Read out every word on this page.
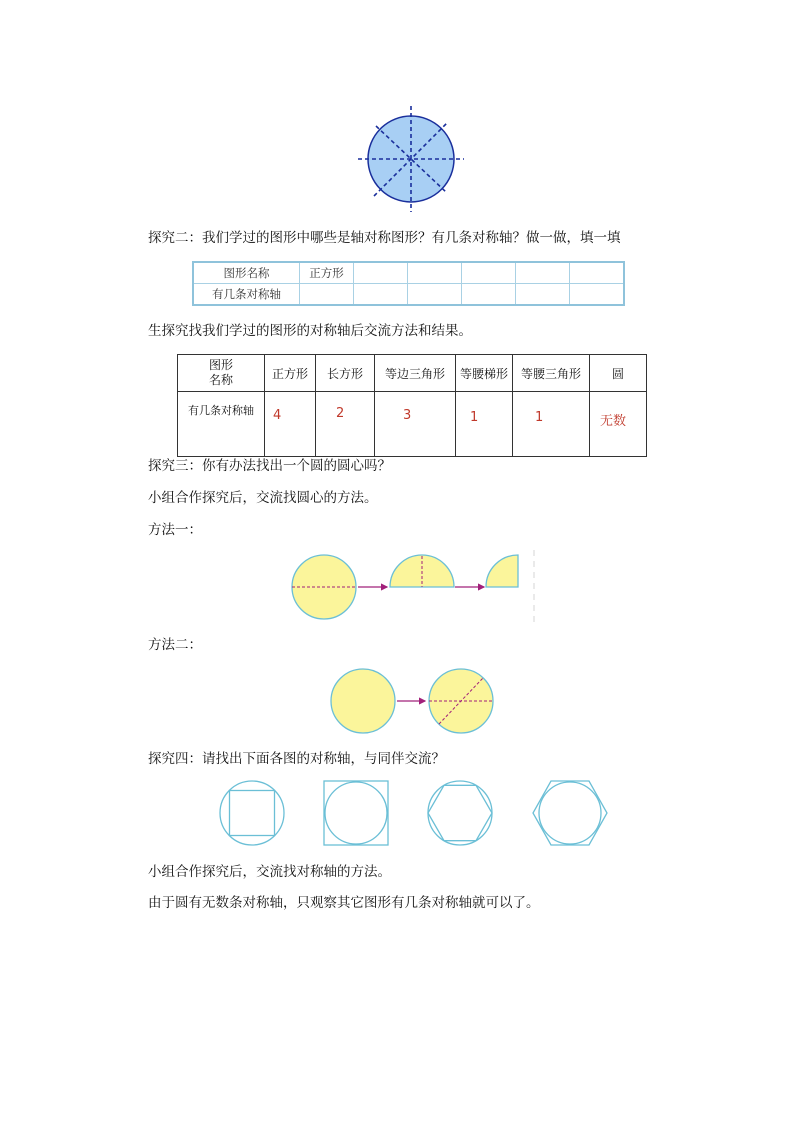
探究二：我们学过的图形中哪些是轴对称图形？有几条对称轴？做一做，填一填
图形名称	正方形					
有几条对称轴						
生探究找我们学过的图形的对称轴后交流方法和结果。
图形
名称	正方形	长方形	等边三角形	等腰梯形	等腰三角形	圆
有几条对称轴	4	2	3	1	1	无数
探究三：你有办法找出一个圆的圆心吗？
小组合作探究后，交流找圆心的方法。
方法一：
方法二：
探究四：请找出下面各图的对称轴，与同伴交流？
小组合作探究后，交流找对称轴的方法。
由于圆有无数条对称轴，只观察其它图形有几条对称轴就可以了。
